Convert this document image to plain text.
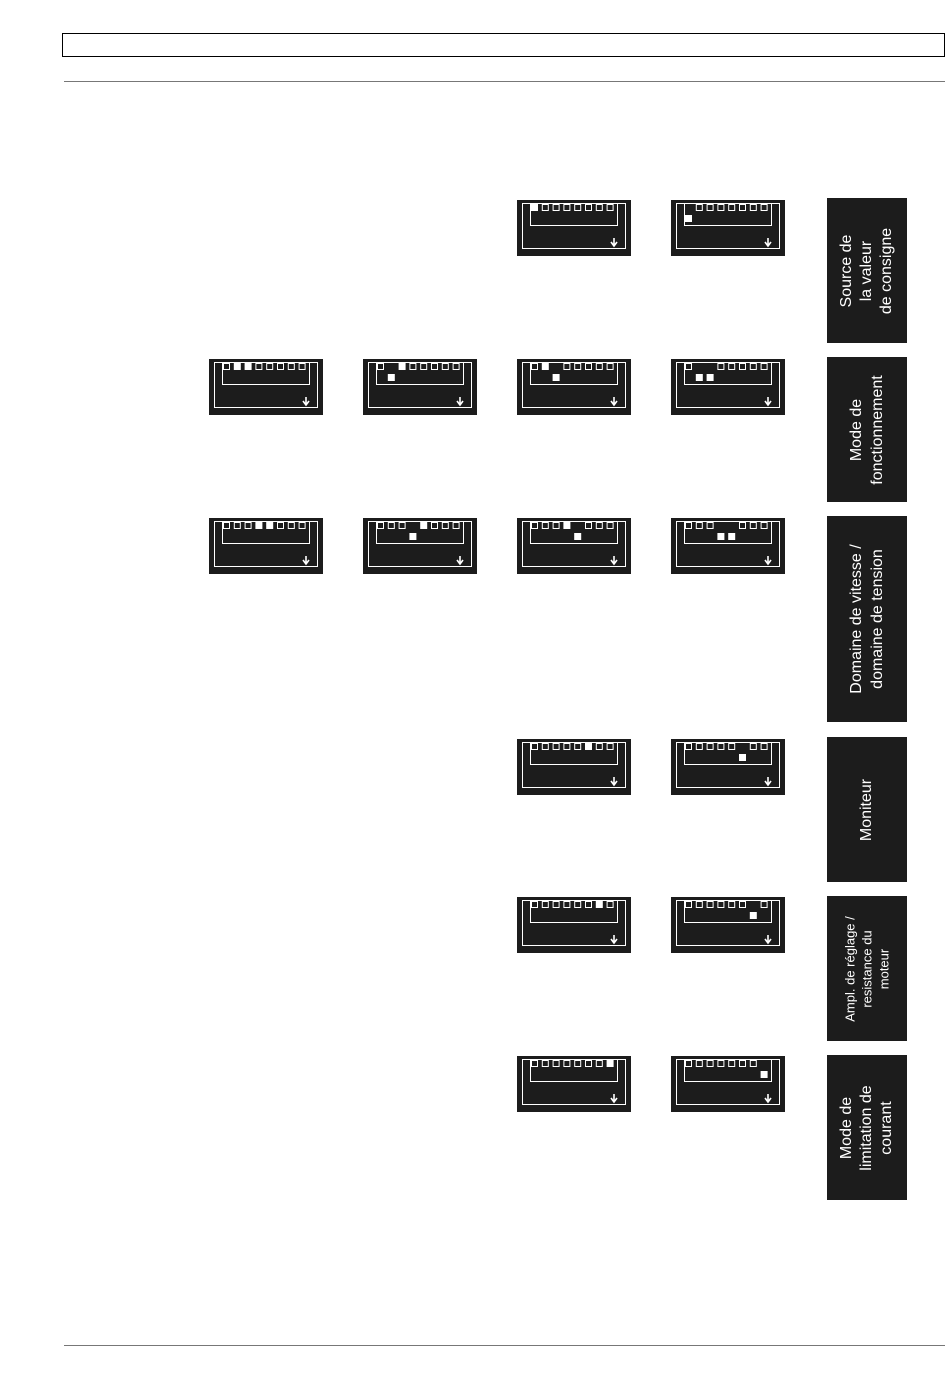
Source de la valeur de consigne
Mode de fonctionnement
Domaine de vitesse / domaine de tension
Moniteur
Ampl. de réglage / resistance du moteur
Mode de limitation de courant
